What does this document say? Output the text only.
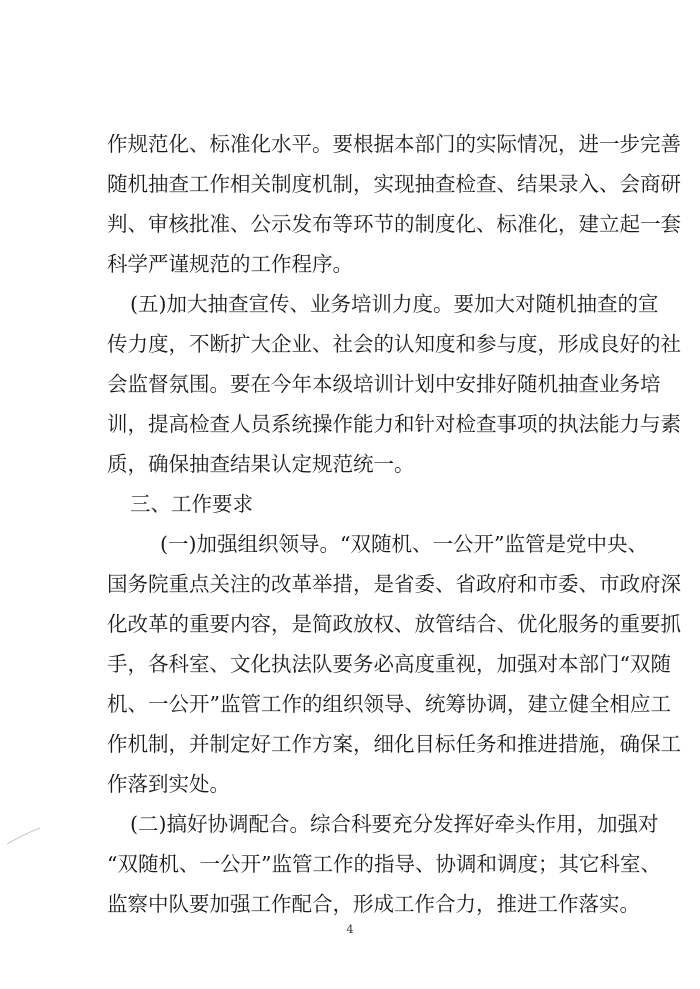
作规范化、标准化水平。要根据本部门的实际情况，进一步完善
随机抽查工作相关制度机制，实现抽查检查、结果录入、会商研
判、审核批准、公示发布等环节的制度化、标准化，建立起一套
科学严谨规范的工作程序。
(五)加大抽查宣传、业务培训力度。要加大对随机抽查的宣
传力度，不断扩大企业、社会的认知度和参与度，形成良好的社
会监督氛围。要在今年本级培训计划中安排好随机抽查业务培
训，提高检查人员系统操作能力和针对检查事项的执法能力与素
质，确保抽查结果认定规范统一。
三、工作要求
(一)加强组织领导。“双随机、一公开”监管是党中央、
国务院重点关注的改革举措，是省委、省政府和市委、市政府深
化改革的重要内容，是简政放权、放管结合、优化服务的重要抓
手，各科室、文化执法队要务必高度重视，加强对本部门“双随
机、一公开”监管工作的组织领导、统筹协调，建立健全相应工
作机制，并制定好工作方案，细化目标任务和推进措施，确保工
作落到实处。
(二)搞好协调配合。综合科要充分发挥好牵头作用，加强对
“双随机、一公开”监管工作的指导、协调和调度；其它科室、
监察中队要加强工作配合，形成工作合力，推进工作落实。
4
